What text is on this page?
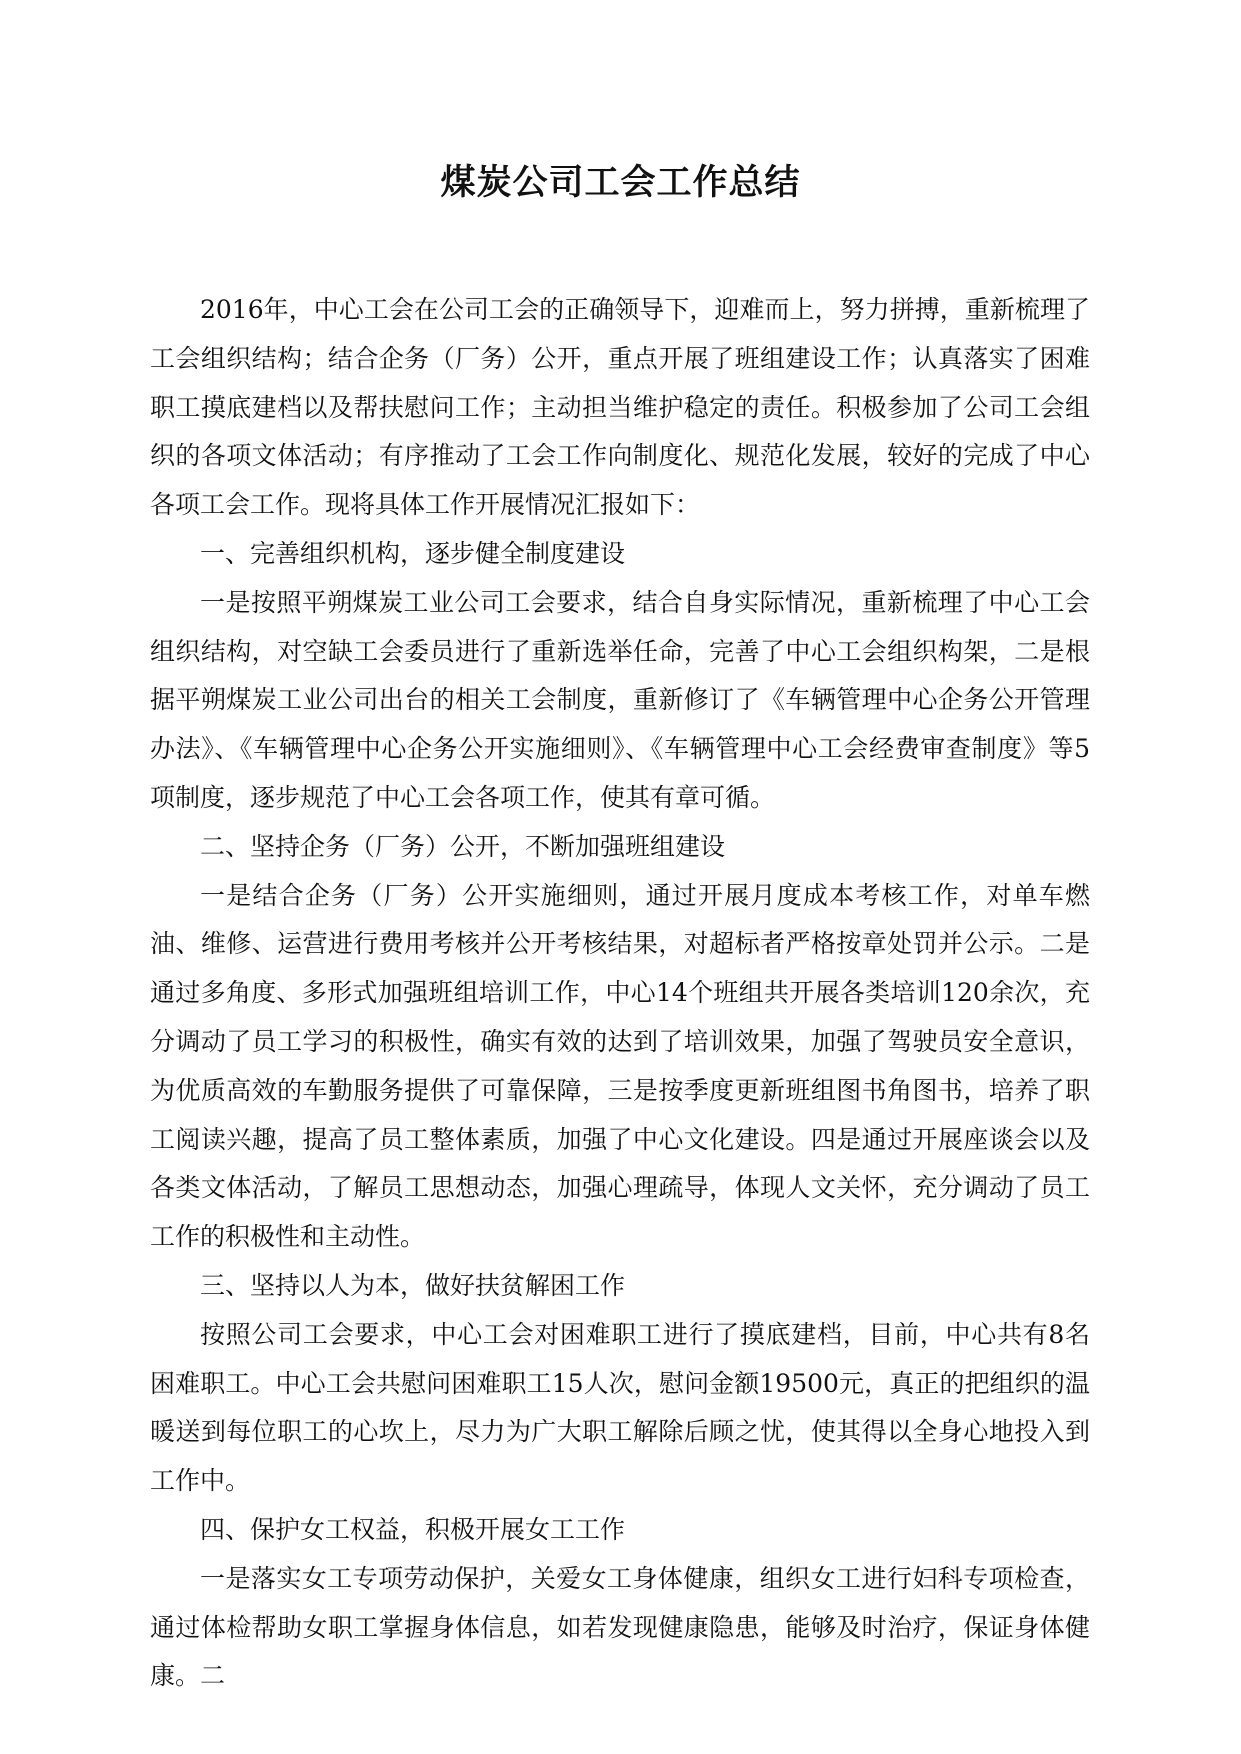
煤炭公司工会工作总结

2016年，中心工会在公司工会的正确领导下，迎难而上，努力拼搏，重新梳理了工会组织结构；结合企务（厂务）公开，重点开展了班组建设工作；认真落实了困难职工摸底建档以及帮扶慰问工作；主动担当维护稳定的责任。积极参加了公司工会组织的各项文体活动；有序推动了工会工作向制度化、规范化发展，较好的完成了中心各项工会工作。现将具体工作开展情况汇报如下：

一、完善组织机构，逐步健全制度建设

一是按照平朔煤炭工业公司工会要求，结合自身实际情况，重新梳理了中心工会组织结构，对空缺工会委员进行了重新选举任命，完善了中心工会组织构架，二是根据平朔煤炭工业公司出台的相关工会制度，重新修订了《车辆管理中心企务公开管理办法》、《车辆管理中心企务公开实施细则》、《车辆管理中心工会经费审查制度》等5项制度，逐步规范了中心工会各项工作，使其有章可循。

二、坚持企务（厂务）公开，不断加强班组建设

一是结合企务（厂务）公开实施细则，通过开展月度成本考核工作，对单车燃油、维修、运营进行费用考核并公开考核结果，对超标者严格按章处罚并公示。二是通过多角度、多形式加强班组培训工作，中心14个班组共开展各类培训120余次，充分调动了员工学习的积极性，确实有效的达到了培训效果，加强了驾驶员安全意识，为优质高效的车勤服务提供了可靠保障，三是按季度更新班组图书角图书，培养了职工阅读兴趣，提高了员工整体素质，加强了中心文化建设。四是通过开展座谈会以及各类文体活动，了解员工思想动态，加强心理疏导，体现人文关怀，充分调动了员工工作的积极性和主动性。

三、坚持以人为本，做好扶贫解困工作

按照公司工会要求，中心工会对困难职工进行了摸底建档，目前，中心共有8名困难职工。中心工会共慰问困难职工15人次，慰问金额19500元，真正的把组织的温暖送到每位职工的心坎上，尽力为广大职工解除后顾之忧，使其得以全身心地投入到工作中。

四、保护女工权益，积极开展女工工作

一是落实女工专项劳动保护，关爱女工身体健康，组织女工进行妇科专项检查，通过体检帮助女职工掌握身体信息，如若发现健康隐患，能够及时治疗，保证身体健康。二
